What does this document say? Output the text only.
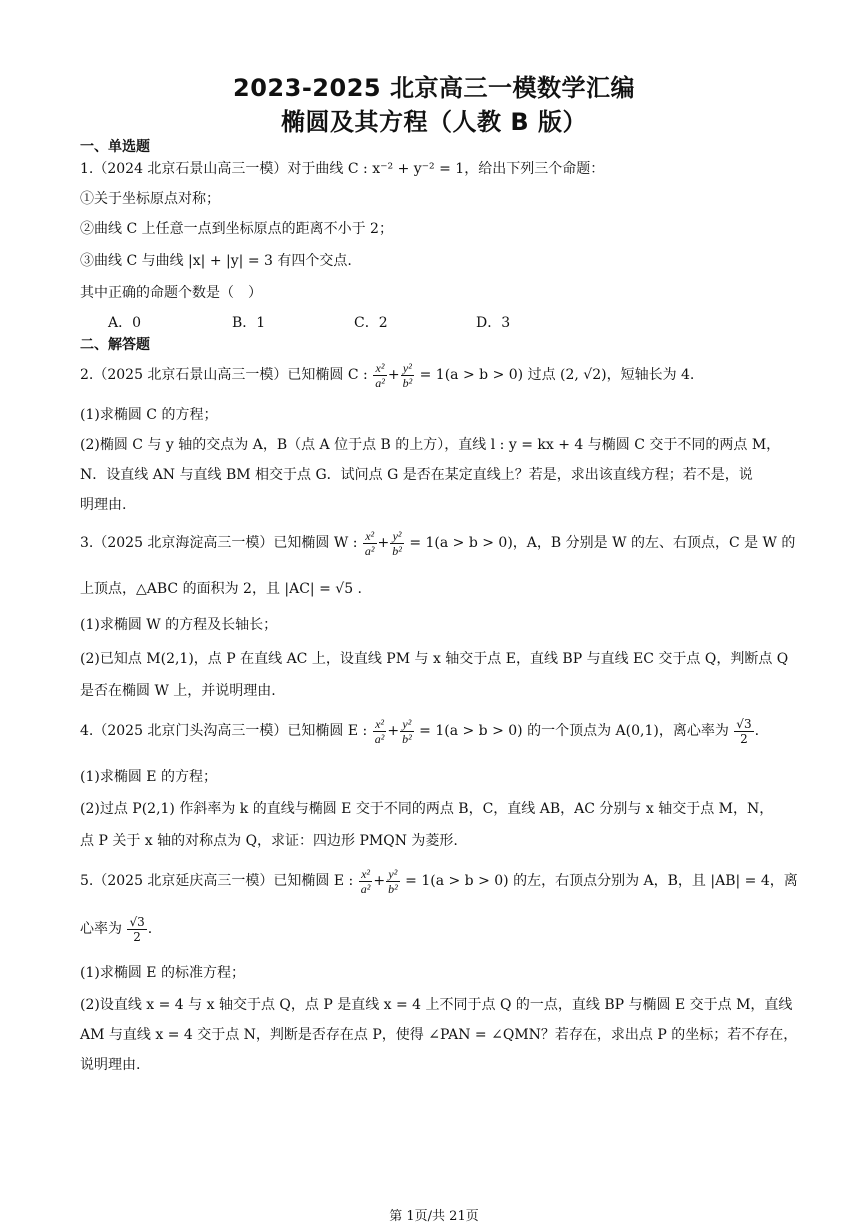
2023-2025 北京高三一模数学汇编
椭圆及其方程（人教 B 版）
一、单选题
1.（2024 北京石景山高三一模）对于曲线 C : x⁻² + y⁻² = 1，给出下列三个命题：
①关于坐标原点对称；
②曲线 C 上任意一点到坐标原点的距离不小于 2；
③曲线 C 与曲线 |x| + |y| = 3 有四个交点.
其中正确的命题个数是（　）
A．0	B．1	C．2	D．3
二、解答题
2.（2025 北京石景山高三一模）已知椭圆 C : $\frac{\text{x²}}{\text{a²}} + \frac{\text{y²}}{\text{b²}} = 1(a > b > 0)$ 过点 (2, √2)，短轴长为 4.
(1)求椭圆 C 的方程；
(2)椭圆 C 与 y 轴的交点为 A，B（点 A 位于点 B 的上方），直线 l : y = kx + 4 与椭圆 C 交于不同的两点 M，
N．设直线 AN 与直线 BM 相交于点 G．试问点 G 是否在某定直线上？若是，求出该直线方程；若不是，说
明理由.
3.（2025 北京海淀高三一模）已知椭圆 W : $\frac{\text{x²}}{\text{a²}} + \frac{\text{y²}}{\text{b²}} = 1(a > b > 0)$，A，B 分别是 W 的左、右顶点，C 是 W 的
上顶点，△ABC 的面积为 2，且 |AC| = √5 .
(1)求椭圆 W 的方程及长轴长；
(2)已知点 M(2,1)，点 P 在直线 AC 上，设直线 PM 与 x 轴交于点 E，直线 BP 与直线 EC 交于点 Q，判断点 Q
是否在椭圆 W 上，并说明理由.
4.（2025 北京门头沟高三一模）已知椭圆 E : $\frac{\text{x²}}{\text{a²}} + \frac{\text{y²}}{\text{b²}} = 1(a > b > 0)$ 的一个顶点为 A(0,1)，离心率为 $\frac{√3}{2}$ .
(1)求椭圆 E 的方程；
(2)过点 P(2,1) 作斜率为 k 的直线与椭圆 E 交于不同的两点 B，C，直线 AB，AC 分别与 x 轴交于点 M，N，
点 P 关于 x 轴的对称点为 Q，求证：四边形 PMQN 为菱形.
5.（2025 北京延庆高三一模）已知椭圆 E : $\frac{\text{x²}}{\text{a²}} + \frac{\text{y²}}{\text{b²}} = 1(a > b > 0)$ 的左，右顶点分别为 A，B，且 |AB| = 4，离
心率为 $\frac{√3}{2}$ .
(1)求椭圆 E 的标准方程；
(2)设直线 x = 4 与 x 轴交于点 Q，点 P 是直线 x = 4 上不同于点 Q 的一点，直线 BP 与椭圆 E 交于点 M，直线
AM 与直线 x = 4 交于点 N，判断是否存在点 P，使得 ∠PAN = ∠QMN？若存在，求出点 P 的坐标；若不存在，
说明理由.
第 1页/共 21页
